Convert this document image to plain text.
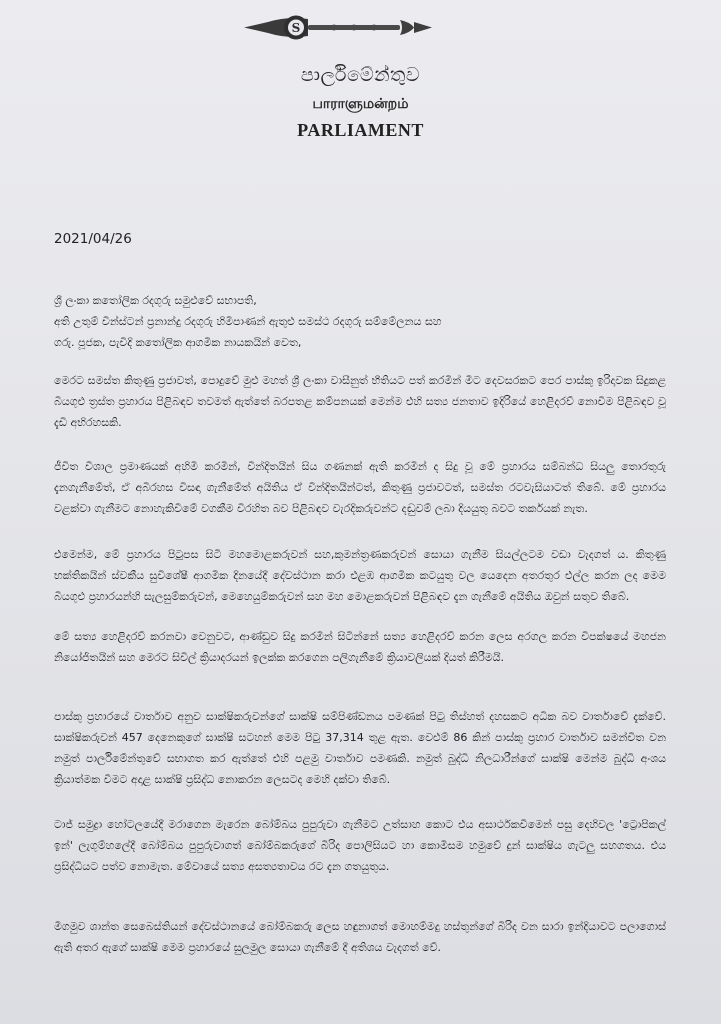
S
පාර්ලිමේන්තුව
பாராளுமன்றம்
PARLIAMENT
2021/04/26
ශ්‍රී ලංකා කතෝලික රදගුරු සමුළුවේ සභාපති,
අති උතුම් වින්ස්ටන් ප්‍රනාන්දු රදගුරු හිමිපාණන් ඇතුළු සමස්ථ රදගුරු සම්මේලනය සහ
ගරු. පූජක, පැවිදි කතෝලික ආගමික නායකයින් වෙත,

මෙරට සමස්ත කිතුණු ප්‍රජාවත්, පොදුවේ මුළු මහත් ශ්‍රී ලංකා වාසීනුත් භීතියට පත් කරමින් මීට දෙවසරකට පෙර පාස්කු ඉරිදාවක සිදුකළ බියගුළු ත්‍රස්ත ප්‍රහාරය පිළිබඳව තවමත් ඇත්තේ බරපතළ කම්පනයක් මෙන්ම එහි සත්‍ය ජනතාව ඉදිරියේ හෙළිදරව් නොවීම පිළිබඳව වූ දැඩි අභිරහසකි.

ජීවිත විශාල ප්‍රමාණයක් අහිමි කරමින්, වින්දිතයින් සිය ගණනක් ඇති කරමින් ද සිදු වූ මේ ප්‍රහාරය සම්බන්ධ සියලු තොරතුරු දැනගැනීමේත්, ඒ අබිරහස විසඳා ගැනීමේත් අයිතිය ඒ වින්දිතයින්ටත්, කිතුණු ප්‍රජාවටත්, සමස්ත රටවැසියාටත් තිබේ. මේ ප්‍රහාරය වළක්වා ගැනීමට නොහැකිවීමේ වගකීම විරහිත බව පිළිබඳව වැරදිකරුවන්ට දඬුවම් ලබා දියයුතු බවට තර්කයක් නැත.

එමෙන්ම, මේ ප්‍රහාරය පිටුපස සිටි මහමොළකරුවන් සහ,කුමන්ත්‍රණකරුවන් සොයා ගැනීම සියල්ලටම වඩා වැදගත් ය. කිතුණු භක්තිකයින් ස්වකීය සුවිශේෂී ආගමික දිනයේදී දේවස්ථාන කරා එළඹ ආගමික කටයුතු වල යෙදෙන අතරතුර එල්ල කරන ලද මෙම බියගුළු ප්‍රහාරයන්හි සැලසුම්කරුවන්, මෙහෙයුම්කරුවන් සහ මහ මොළකරුවන් පිළිබඳව දැන ගැනීමේ අයිතිය ඔවුන් සතුව තිබේ.

මේ සත්‍ය හෙළිදරව් කරනවා වෙනුවට, ආණ්ඩුව සිදු කරමින් සිටින්නේ සත්‍ය හෙළිදරව් කරන ලෙස අරගල කරන විපක්ෂයේ මහජන නියෝජිතයින් සහ මෙරට සිවිල් ක්‍රියාදරයන් ඉලක්ක කරගෙන පලිගැනීමේ ක්‍රියාවලියක් දියත් කිරීමයි.

පාස්කු ප්‍රහාරයේ වාර්තාව අනුව සාක්ෂිකරුවන්ගේ සාක්ෂි සම්පිණ්ඩනය පමණක් පිටු තිස්හත් දහසකට අධික බව වාර්තාවේ දැක්වේ. සාක්ෂිකරුවන් 457 දෙනෙකුගේ සාක්ෂි සටහන් මෙම පිටු 37,314 තුළ ඇත. වෙළුම් 86 කින් පාස්කු ප්‍රහාර වාර්තාව සමන්විත වන නමුත් පාර්ලිමේන්තුවේ සභාගත කර ඇත්තේ එහි පළමු වාර්තාව පමණකි. නමුත් බුද්ධි නිලධාරීන්ගේ සාක්ෂි මෙන්ම බුද්ධි අංශය ක්‍රියාත්මක වීමට අදාළ සාක්ෂි ප්‍රසිද්ධ නොකරන ලෙසටද මෙහි දක්වා තිබේ.

ටාජ් සමුද්‍රා හෝටලයේදී මරාගෙන මැරෙන බෝම්බය පුපුරුවා ගැනීමට උත්සාහ කොට එය අසාර්ථකවීමෙන් පසු දෙහිවල 'ට්‍රොපිකල් ඉන්' ලැගුම්හලේදී බෝම්බය පුපුරුවාගත් බෝම්බකරුගේ බිරිද පොලිසියට හා කොමිසම හමුවේ දුන් සාක්ෂිය ගැටලු සහගතය. එය ප්‍රසිද්ධියට පත්ව නොමැත. මේවායේ සත්‍ය අසත්‍යතාවය රට දැන ගතයුතුය.

මීගමුව ශාන්ත සෙබෙස්තියන් දේවස්ථානයේ බෝම්බකරු ලෙස හඳුනාගත් මොහම්මදු හස්තුන්ගේ බිරිද වන සාරා ඉන්දියාවට පලාගොස් ඇති අතර ඇගේ සාක්ෂි මෙම ප්‍රහාරයේ සුලමුල සොයා ගැනීමේ දී අතිශය වැදගත් වේ.
